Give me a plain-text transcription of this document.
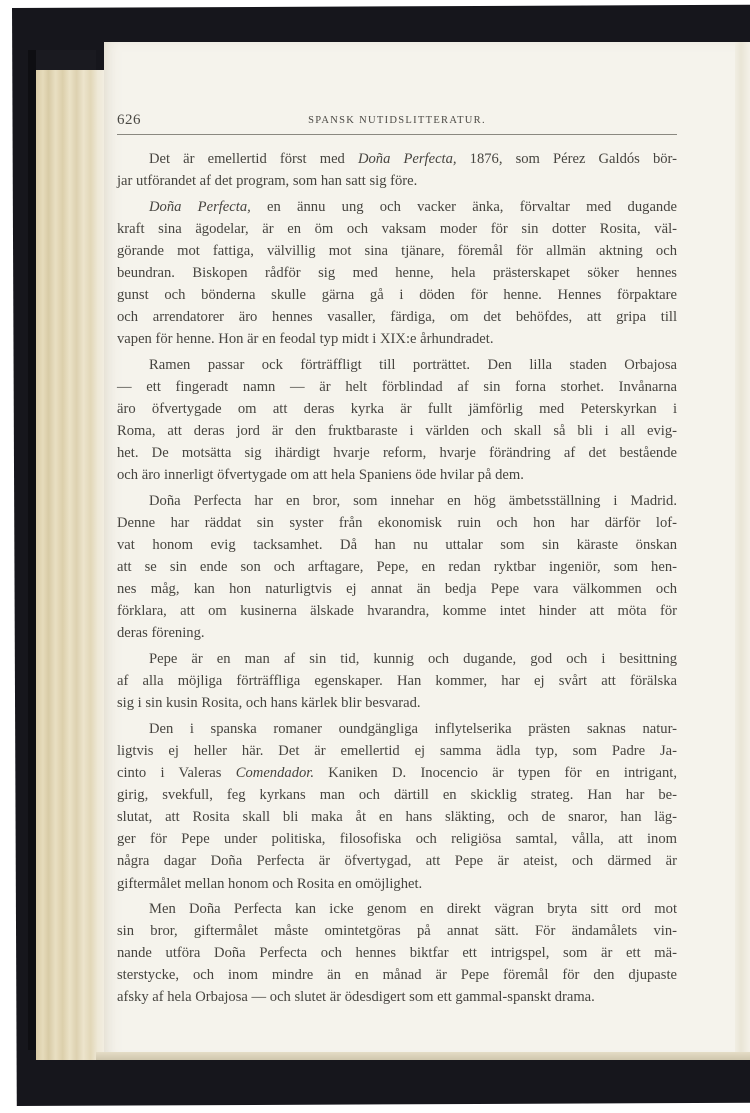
626	SPANSK NUTIDSLITTERATUR.
Det är emellertid först med Doña Perfecta, 1876, som Pérez Galdós bör-
jar utförandet af det program, som han satt sig före.
Doña Perfecta, en ännu ung och vacker änka, förvaltar med dugande
kraft sina ägodelar, är en öm och vaksam moder för sin dotter Rosita, väl-
görande mot fattiga, välvillig mot sina tjänare, föremål för allmän aktning och
beundran. Biskopen rådför sig med henne, hela prästerskapet söker hennes
gunst och bönderna skulle gärna gå i döden för henne. Hennes förpaktare
och arrendatorer äro hennes vasaller, färdiga, om det behöfdes, att gripa till
vapen för henne. Hon är en feodal typ midt i XIX:e århundradet.
Ramen passar ock förträffligt till porträttet. Den lilla staden Orbajosa
— ett fingeradt namn — är helt förblindad af sin forna storhet. Invånarna
äro öfvertygade om att deras kyrka är fullt jämförlig med Peterskyrkan i
Roma, att deras jord är den fruktbaraste i världen och skall så bli i all evig-
het. De motsätta sig ihärdigt hvarje reform, hvarje förändring af det bestående
och äro innerligt öfvertygade om att hela Spaniens öde hvilar på dem.
Doña Perfecta har en bror, som innehar en hög ämbetsställning i Madrid.
Denne har räddat sin syster från ekonomisk ruin och hon har därför lof-
vat honom evig tacksamhet. Då han nu uttalar som sin käraste önskan
att se sin ende son och arftagare, Pepe, en redan ryktbar ingeniör, som hen-
nes måg, kan hon naturligtvis ej annat än bedja Pepe vara välkommen och
förklara, att om kusinerna älskade hvarandra, komme intet hinder att möta för
deras förening.
Pepe är en man af sin tid, kunnig och dugande, god och i besittning
af alla möjliga förträffliga egenskaper. Han kommer, har ej svårt att förälska
sig i sin kusin Rosita, och hans kärlek blir besvarad.
Den i spanska romaner oundgängliga inflytelserika prästen saknas natur-
ligtvis ej heller här. Det är emellertid ej samma ädla typ, som Padre Ja-
cinto i Valeras Comendador. Kaniken D. Inocencio är typen för en intrigant,
girig, svekfull, feg kyrkans man och därtill en skicklig strateg. Han har be-
slutat, att Rosita skall bli maka åt en hans släkting, och de snaror, han läg-
ger för Pepe under politiska, filosofiska och religiösa samtal, vålla, att inom
några dagar Doña Perfecta är öfvertygad, att Pepe är ateist, och därmed är
giftermålet mellan honom och Rosita en omöjlighet.
Men Doña Perfecta kan icke genom en direkt vägran bryta sitt ord mot
sin bror, giftermålet måste omintetgöras på annat sätt. För ändamålets vin-
nande utföra Doña Perfecta och hennes biktfar ett intrigspel, som är ett mä-
sterstycke, och inom mindre än en månad är Pepe föremål för den djupaste
afsky af hela Orbajosa — och slutet är ödesdigert som ett gammal-spanskt drama.
